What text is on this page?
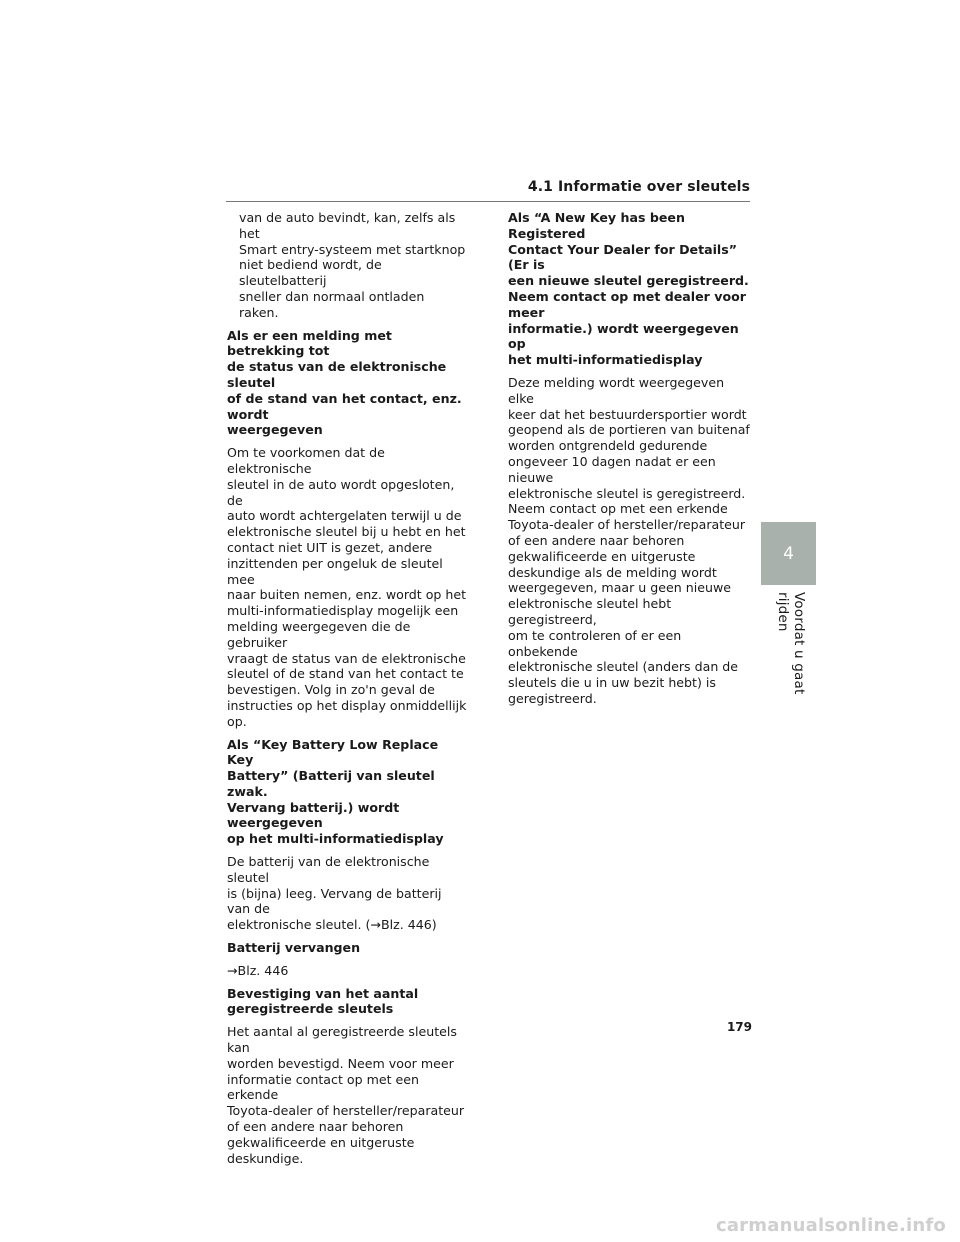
4.1 Informatie over sleutels

van de auto bevindt, kan, zelfs als het
Smart entry-systeem met startknop
niet bediend wordt, de sleutelbatterij
sneller dan normaal ontladen raken.

Als er een melding met betrekking tot
de status van de elektronische sleutel
of de stand van het contact, enz. wordt
weergegeven

Om te voorkomen dat de elektronische
sleutel in de auto wordt opgesloten, de
auto wordt achtergelaten terwijl u de
elektronische sleutel bij u hebt en het
contact niet UIT is gezet, andere
inzittenden per ongeluk de sleutel mee
naar buiten nemen, enz. wordt op het
multi-informatiedisplay mogelijk een
melding weergegeven die de gebruiker
vraagt de status van de elektronische
sleutel of de stand van het contact te
bevestigen. Volg in zo'n geval de
instructies op het display onmiddellijk
op.

Als “Key Battery Low Replace Key
Battery” (Batterij van sleutel zwak.
Vervang batterij.) wordt weergegeven
op het multi-informatiedisplay

De batterij van de elektronische sleutel
is (bijna) leeg. Vervang de batterij van de
elektronische sleutel. (→Blz. 446)

Batterij vervangen

→Blz. 446

Bevestiging van het aantal
geregistreerde sleutels

Het aantal al geregistreerde sleutels kan
worden bevestigd. Neem voor meer
informatie contact op met een erkende
Toyota-dealer of hersteller/reparateur
of een andere naar behoren
gekwalificeerde en uitgeruste
deskundige.

Als “A New Key has been Registered
Contact Your Dealer for Details” (Er is
een nieuwe sleutel geregistreerd.
Neem contact op met dealer voor meer
informatie.) wordt weergegeven op
het multi-informatiedisplay

Deze melding wordt weergegeven elke
keer dat het bestuurdersportier wordt
geopend als de portieren van buitenaf
worden ontgrendeld gedurende
ongeveer 10 dagen nadat er een nieuwe
elektronische sleutel is geregistreerd.
Neem contact op met een erkende
Toyota-dealer of hersteller/reparateur
of een andere naar behoren
gekwalificeerde en uitgeruste
deskundige als de melding wordt
weergegeven, maar u geen nieuwe
elektronische sleutel hebt geregistreerd,
om te controleren of er een onbekende
elektronische sleutel (anders dan de
sleutels die u in uw bezit hebt) is
geregistreerd.

4
Voordat u gaat rijden
179
carmanualsonline.info
